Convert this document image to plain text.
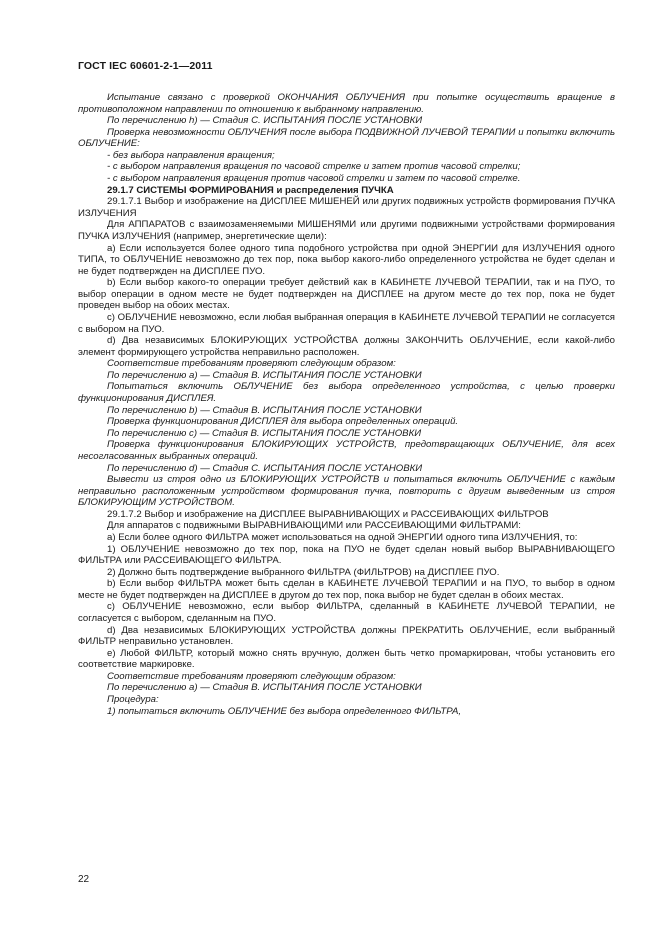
ГОСТ IEC 60601-2-1—2011

Испытание связано с проверкой ОКОНЧАНИЯ ОБЛУЧЕНИЯ при попытке осуществить вращение в противоположном направлении по отношению к выбранному направлению.

По перечислению h) — Стадия С. ИСПЫТАНИЯ ПОСЛЕ УСТАНОВКИ

Проверка невозможности ОБЛУЧЕНИЯ после выбора ПОДВИЖНОЙ ЛУЧЕВОЙ ТЕРАПИИ и попытки включить ОБЛУЧЕНИЕ:

- без выбора направления вращения;

- с выбором направления вращения по часовой стрелке и затем против часовой стрелки;

- с выбором направления вращения против часовой стрелки и затем по часовой стрелке.

29.1.7 СИСТЕМЫ ФОРМИРОВАНИЯ и распределения ПУЧКА

29.1.7.1 Выбор и изображение на ДИСПЛЕЕ МИШЕНЕЙ или других подвижных устройств формирования ПУЧКА ИЗЛУЧЕНИЯ

Для АППАРАТОВ с взаимозаменяемыми МИШЕНЯМИ или другими подвижными устройствами формирования ПУЧКА ИЗЛУЧЕНИЯ (например, энергетические щели):

а) Если используется более одного типа подобного устройства при одной ЭНЕРГИИ для ИЗЛУЧЕНИЯ одного ТИПА, то ОБЛУЧЕНИЕ невозможно до тех пор, пока выбор какого-либо определенного устройства не будет сделан и не будет подтвержден на ДИСПЛЕЕ ПУО.

b) Если выбор какого-то операции требует действий как в КАБИНЕТЕ ЛУЧЕВОЙ ТЕРАПИИ, так и на ПУО, то выбор операции в одном месте не будет подтвержден на ДИСПЛЕЕ на другом месте до тех пор, пока не будет проведен выбор на обоих местах.

с) ОБЛУЧЕНИЕ невозможно, если любая выбранная операция в КАБИНЕТЕ ЛУЧЕВОЙ ТЕРАПИИ не согласуется с выбором на ПУО.

d) Два независимых БЛОКИРУЮЩИХ УСТРОЙСТВА должны ЗАКОНЧИТЬ ОБЛУЧЕНИЕ, если какой-либо элемент формирующего устройства неправильно расположен.

Соответствие требованиям проверяют следующим образом:

По перечислению а) — Стадия В. ИСПЫТАНИЯ ПОСЛЕ УСТАНОВКИ

Попытаться включить ОБЛУЧЕНИЕ без выбора определенного устройства, с целью проверки функционирования ДИСПЛЕЯ.

По перечислению b) — Стадия В. ИСПЫТАНИЯ ПОСЛЕ УСТАНОВКИ

Проверка функционирования ДИСПЛЕЯ для выбора определенных операций.

По перечислению с) — Стадия В. ИСПЫТАНИЯ ПОСЛЕ УСТАНОВКИ

Проверка функционирования БЛОКИРУЮЩИХ УСТРОЙСТВ, предотвращающих ОБЛУЧЕНИЕ, для всех несогласованных выбранных операций.

По перечислению d) — Стадия С. ИСПЫТАНИЯ ПОСЛЕ УСТАНОВКИ

Вывести из строя одно из БЛОКИРУЮЩИХ УСТРОЙСТВ и попытаться включить ОБЛУЧЕНИЕ с каждым неправильно расположенным устройством формирования пучка, повторить с другим выведенным из строя БЛОКИРУЮЩИМ УСТРОЙСТВОМ.

29.1.7.2 Выбор и изображение на ДИСПЛЕЕ ВЫРАВНИВАЮЩИХ и РАССЕИВАЮЩИХ ФИЛЬТРОВ

Для аппаратов с подвижными ВЫРАВНИВАЮЩИМИ или РАССЕИВАЮЩИМИ ФИЛЬТРАМИ:

а) Если более одного ФИЛЬТРА может использоваться на одной ЭНЕРГИИ одного типа ИЗЛУЧЕНИЯ, то:

1) ОБЛУЧЕНИЕ невозможно до тех пор, пока на ПУО не будет сделан новый выбор ВЫРАВНИВАЮЩЕГО ФИЛЬТРА или РАССЕИВАЮЩЕГО ФИЛЬТРА.

2) Должно быть подтверждение выбранного ФИЛЬТРА (ФИЛЬТРОВ) на ДИСПЛЕЕ ПУО.

b) Если выбор ФИЛЬТРА может быть сделан в КАБИНЕТЕ ЛУЧЕВОЙ ТЕРАПИИ и на ПУО, то выбор в одном месте не будет подтвержден на ДИСПЛЕЕ в другом до тех пор, пока выбор не будет сделан в обоих местах.

с) ОБЛУЧЕНИЕ невозможно, если выбор ФИЛЬТРА, сделанный в КАБИНЕТЕ ЛУЧЕВОЙ ТЕРАПИИ, не согласуется с выбором, сделанным на ПУО.

d) Два независимых БЛОКИРУЮЩИХ УСТРОЙСТВА должны ПРЕКРАТИТЬ ОБЛУЧЕНИЕ, если выбранный ФИЛЬТР неправильно установлен.

е) Любой ФИЛЬТР, который можно снять вручную, должен быть четко промаркирован, чтобы установить его соответствие маркировке.

Соответствие требованиям проверяют следующим образом:

По перечислению а) — Стадия В. ИСПЫТАНИЯ ПОСЛЕ УСТАНОВКИ

Процедура:

1) попытаться включить ОБЛУЧЕНИЕ без выбора определенного ФИЛЬТРА,

22
